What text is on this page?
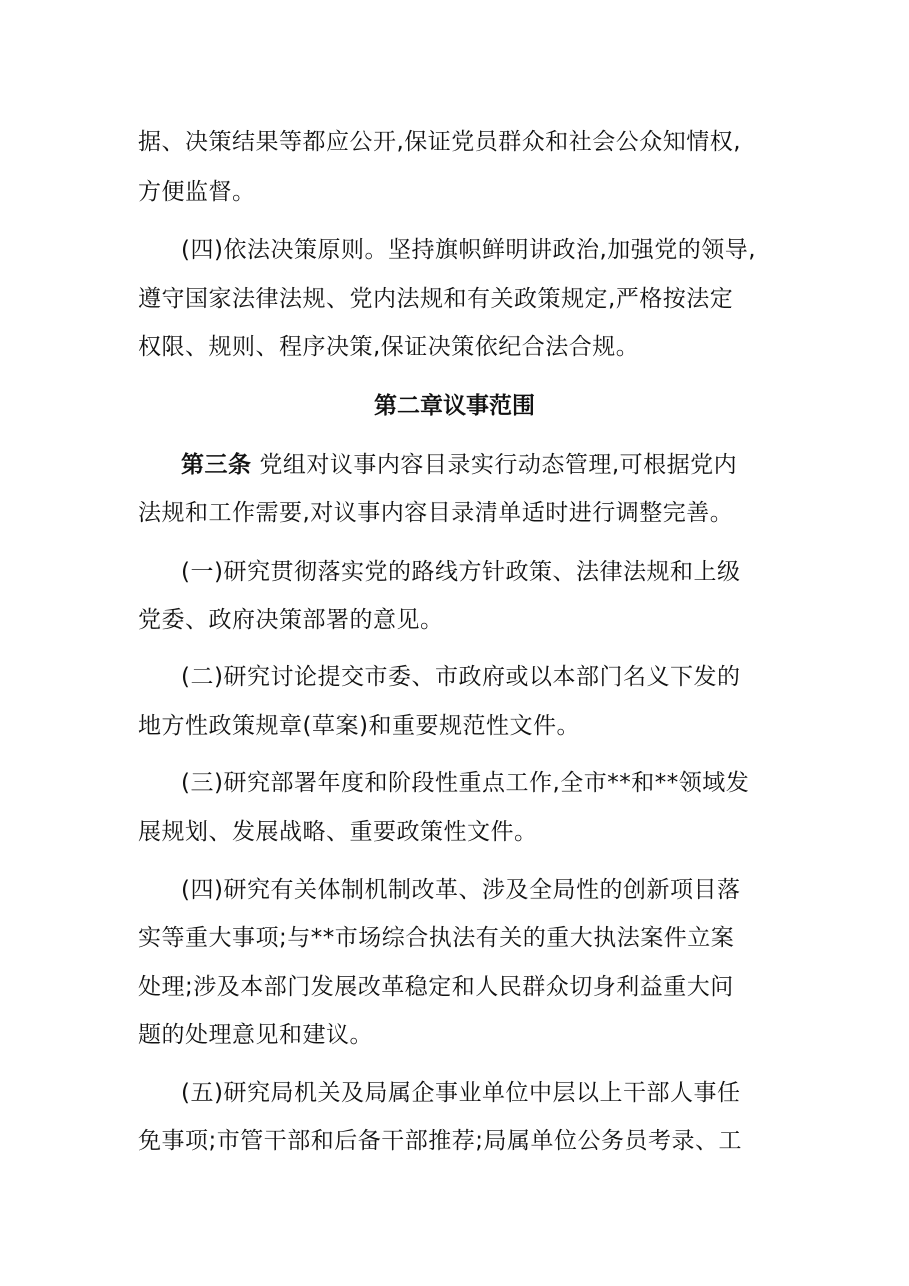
据、决策结果等都应公开,保证党员群众和社会公众知情权,
方便监督。
(四)依法决策原则。坚持旗帜鲜明讲政治,加强党的领导,
遵守国家法律法规、党内法规和有关政策规定,严格按法定
权限、规则、程序决策,保证决策依纪合法合规。
第二章议事范围
第三条 党组对议事内容目录实行动态管理,可根据党内
法规和工作需要,对议事内容目录清单适时进行调整完善。
(一)研究贯彻落实党的路线方针政策、法律法规和上级
党委、政府决策部署的意见。
(二)研究讨论提交市委、市政府或以本部门名义下发的
地方性政策规章(草案)和重要规范性文件。
(三)研究部署年度和阶段性重点工作,全市**和**领域发
展规划、发展战略、重要政策性文件。
(四)研究有关体制机制改革、涉及全局性的创新项目落
实等重大事项;与**市场综合执法有关的重大执法案件立案
处理;涉及本部门发展改革稳定和人民群众切身利益重大问
题的处理意见和建议。
(五)研究局机关及局属企事业单位中层以上干部人事任
免事项;市管干部和后备干部推荐;局属单位公务员考录、工
